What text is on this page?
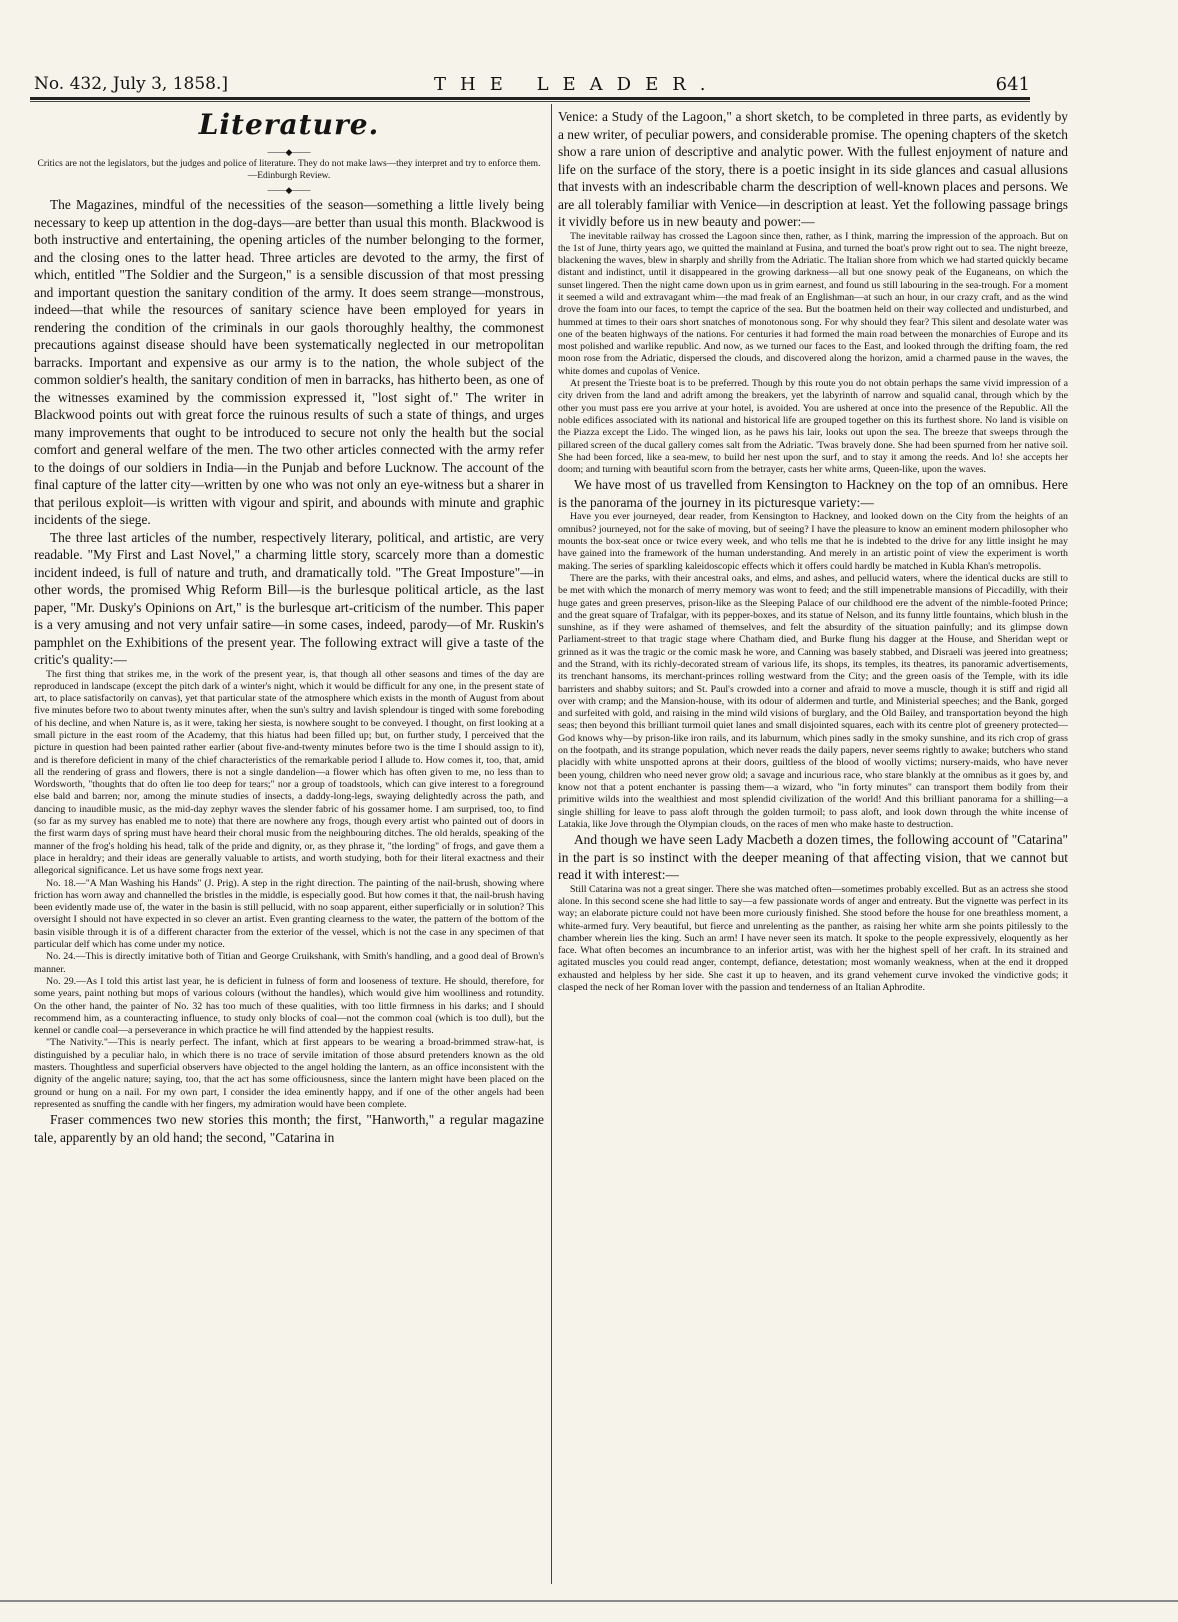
No. 432, July 3, 1858.]	THE LEADER.	641
Literature.
——◆——
Critics are not the legislators, but the judges and police of literature. They do not make laws—they interpret and try to enforce them.—Edinburgh Review.
——◆——

The Magazines, mindful of the necessities of the season—something a little lively being necessary to keep up attention in the dog-days—are better than usual this month. Blackwood is both instructive and entertaining, the opening articles of the number belonging to the former, and the closing ones to the latter head. Three articles are devoted to the army, the first of which, entitled "The Soldier and the Surgeon," is a sensible discussion of that most pressing and important question the sanitary condition of the army. It does seem strange—monstrous, indeed—that while the resources of sanitary science have been employed for years in rendering the condition of the criminals in our gaols thoroughly healthy, the commonest precautions against disease should have been systematically neglected in our metropolitan barracks. Important and expensive as our army is to the nation, the whole subject of the common soldier's health, the sanitary condition of men in barracks, has hitherto been, as one of the witnesses examined by the commission expressed it, "lost sight of." The writer in Blackwood points out with great force the ruinous results of such a state of things, and urges many improvements that ought to be introduced to secure not only the health but the social comfort and general welfare of the men. The two other articles connected with the army refer to the doings of our soldiers in India—in the Punjab and before Lucknow. The account of the final capture of the latter city—written by one who was not only an eye-witness but a sharer in that perilous exploit—is written with vigour and spirit, and abounds with minute and graphic incidents of the siege.

The three last articles of the number, respectively literary, political, and artistic, are very readable. "My First and Last Novel," a charming little story, scarcely more than a domestic incident indeed, is full of nature and truth, and dramatically told. "The Great Imposture"—in other words, the promised Whig Reform Bill—is the burlesque political article, as the last paper, "Mr. Dusky's Opinions on Art," is the burlesque art-criticism of the number. This paper is a very amusing and not very unfair satire—in some cases, indeed, parody—of Mr. Ruskin's pamphlet on the Exhibitions of the present year. The following extract will give a taste of the critic's quality:—

The first thing that strikes me, in the work of the present year, is, that though all other seasons and times of the day are reproduced in landscape (except the pitch dark of a winter's night, which it would be difficult for any one, in the present state of art, to place satisfactorily on canvas), yet that particular state of the atmosphere which exists in the month of August from about five minutes before two to about twenty minutes after, when the sun's sultry and lavish splendour is tinged with some foreboding of his decline, and when Nature is, as it were, taking her siesta, is nowhere sought to be conveyed. I thought, on first looking at a small picture in the east room of the Academy, that this hiatus had been filled up; but, on further study, I perceived that the picture in question had been painted rather earlier (about five-and-twenty minutes before two is the time I should assign to it), and is therefore deficient in many of the chief characteristics of the remarkable period I allude to. How comes it, too, that, amid all the rendering of grass and flowers, there is not a single dandelion—a flower which has often given to me, no less than to Wordsworth, "thoughts that do often lie too deep for tears;" nor a group of toadstools, which can give interest to a foreground else bald and barren; nor, among the minute studies of insects, a daddy-long-legs, swaying delightedly across the path, and dancing to inaudible music, as the mid-day zephyr waves the slender fabric of his gossamer home. I am surprised, too, to find (so far as my survey has enabled me to note) that there are nowhere any frogs, though every artist who painted out of doors in the first warm days of spring must have heard their choral music from the neighbouring ditches. The old heralds, speaking of the manner of the frog's holding his head, talk of the pride and dignity, or, as they phrase it, "the lording" of frogs, and gave them a place in heraldry; and their ideas are generally valuable to artists, and worth studying, both for their literal exactness and their allegorical significance. Let us have some frogs next year.

No. 18.—"A Man Washing his Hands" (J. Prig). A step in the right direction. The painting of the nail-brush, showing where friction has worn away and channelled the bristles in the middle, is especially good. But how comes it that, the nail-brush having been evidently made use of, the water in the basin is still pellucid, with no soap apparent, either superficially or in solution? This oversight I should not have expected in so clever an artist. Even granting clearness to the water, the pattern of the bottom of the basin visible through it is of a different character from the exterior of the vessel, which is not the case in any specimen of that particular delf which has come under my notice.

No. 24.—This is directly imitative both of Titian and George Cruikshank, with Smith's handling, and a good deal of Brown's manner.

No. 29.—As I told this artist last year, he is deficient in fulness of form and looseness of texture. He should, therefore, for some years, paint nothing but mops of various colours (without the handles), which would give him woolliness and rotundity. On the other hand, the painter of No. 32 has too much of these qualities, with too little firmness in his darks; and I should recommend him, as a counteracting influence, to study only blocks of coal—not the common coal (which is too dull), but the kennel or candle coal—a perseverance in which practice he will find attended by the happiest results.

"The Nativity."—This is nearly perfect. The infant, which at first appears to be wearing a broad-brimmed straw-hat, is distinguished by a peculiar halo, in which there is no trace of servile imitation of those absurd pretenders known as the old masters. Thoughtless and superficial observers have objected to the angel holding the lantern, as an office inconsistent with the dignity of the angelic nature; saying, too, that the act has some officiousness, since the lantern might have been placed on the ground or hung on a nail. For my own part, I consider the idea eminently happy, and if one of the other angels had been represented as snuffing the candle with her fingers, my admiration would have been complete.

Fraser commences two new stories this month; the first, "Hanworth," a regular magazine tale, apparently by an old hand; the second, "Catarina in

Venice: a Study of the Lagoon," a short sketch, to be completed in three parts, as evidently by a new writer, of peculiar powers, and considerable promise. The opening chapters of the sketch show a rare union of descriptive and analytic power. With the fullest enjoyment of nature and life on the surface of the story, there is a poetic insight in its side glances and casual allusions that invests with an indescribable charm the description of well-known places and persons. We are all tolerably familiar with Venice—in description at least. Yet the following passage brings it vividly before us in new beauty and power:—

The inevitable railway has crossed the Lagoon since then, rather, as I think, marring the impression of the approach. But on the 1st of June, thirty years ago, we quitted the mainland at Fusina, and turned the boat's prow right out to sea. The night breeze, blackening the waves, blew in sharply and shrilly from the Adriatic. The Italian shore from which we had started quickly became distant and indistinct, until it disappeared in the growing darkness—all but one snowy peak of the Euganeans, on which the sunset lingered. Then the night came down upon us in grim earnest, and found us still labouring in the sea-trough. For a moment it seemed a wild and extravagant whim—the mad freak of an Englishman—at such an hour, in our crazy craft, and as the wind drove the foam into our faces, to tempt the caprice of the sea. But the boatmen held on their way collected and undisturbed, and hummed at times to their oars short snatches of monotonous song. For why should they fear? This silent and desolate water was one of the beaten highways of the nations. For centuries it had formed the main road between the monarchies of Europe and its most polished and warlike republic. And now, as we turned our faces to the East, and looked through the drifting foam, the red moon rose from the Adriatic, dispersed the clouds, and discovered along the horizon, amid a charmed pause in the waves, the white domes and cupolas of Venice.

At present the Trieste boat is to be preferred. Though by this route you do not obtain perhaps the same vivid impression of a city driven from the land and adrift among the breakers, yet the labyrinth of narrow and squalid canal, through which by the other you must pass ere you arrive at your hotel, is avoided. You are ushered at once into the presence of the Republic. All the noble edifices associated with its national and historical life are grouped together on this its furthest shore. No land is visible on the Piazza except the Lido. The winged lion, as he paws his lair, looks out upon the sea. The breeze that sweeps through the pillared screen of the ducal gallery comes salt from the Adriatic. 'Twas bravely done. She had been spurned from her native soil. She had been forced, like a sea-mew, to build her nest upon the surf, and to stay it among the reeds. And lo! she accepts her doom; and turning with beautiful scorn from the betrayer, casts her white arms, Queen-like, upon the waves.

We have most of us travelled from Kensington to Hackney on the top of an omnibus. Here is the panorama of the journey in its picturesque variety:—

Have you ever journeyed, dear reader, from Kensington to Hackney, and looked down on the City from the heights of an omnibus? journeyed, not for the sake of moving, but of seeing? I have the pleasure to know an eminent modern philosopher who mounts the box-seat once or twice every week, and who tells me that he is indebted to the drive for any little insight he may have gained into the framework of the human understanding. And merely in an artistic point of view the experiment is worth making. The series of sparkling kaleidoscopic effects which it offers could hardly be matched in Kubla Khan's metropolis.

There are the parks, with their ancestral oaks, and elms, and ashes, and pellucid waters, where the identical ducks are still to be met with which the monarch of merry memory was wont to feed; and the still impenetrable mansions of Piccadilly, with their huge gates and green preserves, prison-like as the Sleeping Palace of our childhood ere the advent of the nimble-footed Prince; and the great square of Trafalgar, with its pepper-boxes, and its statue of Nelson, and its funny little fountains, which blush in the sunshine, as if they were ashamed of themselves, and felt the absurdity of the situation painfully; and its glimpse down Parliament-street to that tragic stage where Chatham died, and Burke flung his dagger at the House, and Sheridan wept or grinned as it was the tragic or the comic mask he wore, and Canning was basely stabbed, and Disraeli was jeered into greatness; and the Strand, with its richly-decorated stream of various life, its shops, its temples, its theatres, its panoramic advertisements, its trenchant hansoms, its merchant-princes rolling westward from the City; and the green oasis of the Temple, with its idle barristers and shabby suitors; and St. Paul's crowded into a corner and afraid to move a muscle, though it is stiff and rigid all over with cramp; and the Mansion-house, with its odour of aldermen and turtle, and Ministerial speeches; and the Bank, gorged and surfeited with gold, and raising in the mind wild visions of burglary, and the Old Bailey, and transportation beyond the high seas; then beyond this brilliant turmoil quiet lanes and small disjointed squares, each with its centre plot of greenery protected—God knows why—by prison-like iron rails, and its laburnum, which pines sadly in the smoky sunshine, and its rich crop of grass on the footpath, and its strange population, which never reads the daily papers, never seems rightly to awake; butchers who stand placidly with white unspotted aprons at their doors, guiltless of the blood of woolly victims; nursery-maids, who have never been young, children who need never grow old; a savage and incurious race, who stare blankly at the omnibus as it goes by, and know not that a potent enchanter is passing them—a wizard, who "in forty minutes" can transport them bodily from their primitive wilds into the wealthiest and most splendid civilization of the world! And this brilliant panorama for a shilling—a single shilling for leave to pass aloft through the golden turmoil; to pass aloft, and look down through the white incense of Latakia, like Jove through the Olympian clouds, on the races of men who make haste to destruction.

And though we have seen Lady Macbeth a dozen times, the following account of "Catarina" in the part is so instinct with the deeper meaning of that affecting vision, that we cannot but read it with interest:—

Still Catarina was not a great singer. There she was matched often—sometimes probably excelled. But as an actress she stood alone. In this second scene she had little to say—a few passionate words of anger and entreaty. But the vignette was perfect in its way; an elaborate picture could not have been more curiously finished. She stood before the house for one breathless moment, a white-armed fury. Very beautiful, but fierce and unrelenting as the panther, as raising her white arm she points pitilessly to the chamber wherein lies the king. Such an arm! I have never seen its match. It spoke to the people expressively, eloquently as her face. What often becomes an incumbrance to an inferior artist, was with her the highest spell of her craft. In its strained and agitated muscles you could read anger, contempt, defiance, detestation; most womanly weakness, when at the end it dropped exhausted and helpless by her side. She cast it up to heaven, and its grand vehement curve invoked the vindictive gods; it clasped the neck of her Roman lover with the passion and tenderness of an Italian Aphrodite.
